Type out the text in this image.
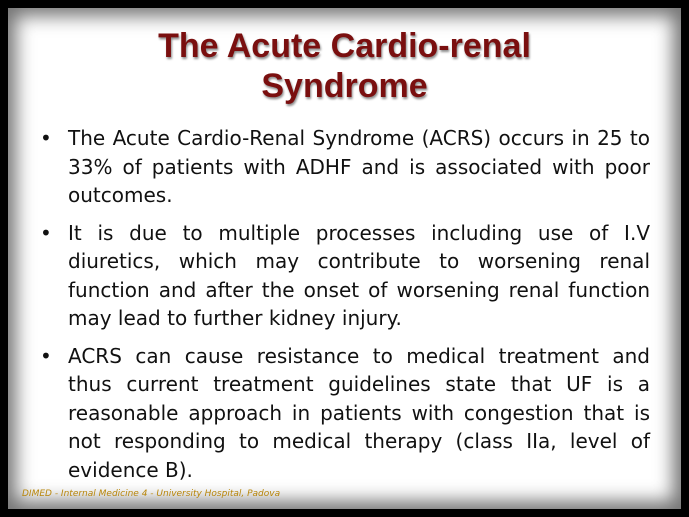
The Acute Cardio-renal
Syndrome
• The Acute Cardio-Renal Syndrome (ACRS) occurs in 25 to 33% of patients with ADHF and is associated with poor outcomes.
• It is due to multiple processes including use of I.V diuretics, which may contribute to worsening renal function and after the onset of worsening renal function may lead to further kidney injury.
• ACRS can cause resistance to medical treatment and thus current treatment guidelines state that UF is a reasonable approach in patients with congestion that is not responding to medical therapy (class IIa, level of evidence B).
DIMED - Internal Medicine 4 - University Hospital, Padova
